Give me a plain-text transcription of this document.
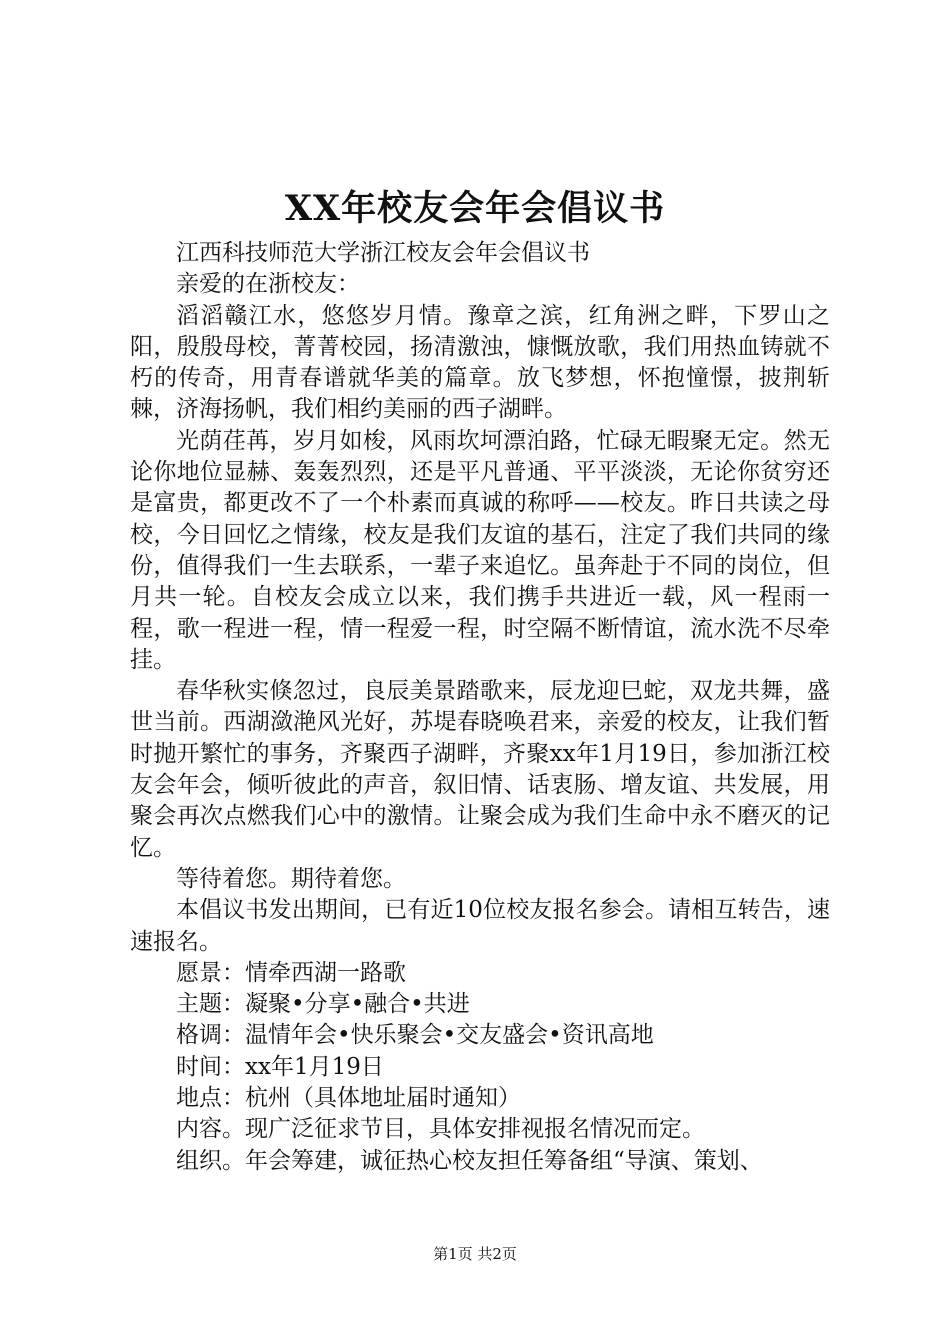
XX年校友会年会倡议书

江西科技师范大学浙江校友会年会倡议书

亲爱的在浙校友：

滔滔赣江水，悠悠岁月情。豫章之滨，红角洲之畔，下罗山之阳，殷殷母校，菁菁校园，扬清激浊，慷慨放歌，我们用热血铸就不朽的传奇，用青春谱就华美的篇章。放飞梦想，怀抱憧憬，披荆斩棘，济海扬帆，我们相约美丽的西子湖畔。

光荫荏苒，岁月如梭，风雨坎坷漂泊路，忙碌无暇聚无定。然无论你地位显赫、轰轰烈烈，还是平凡普通、平平淡淡，无论你贫穷还是富贵，都更改不了一个朴素而真诚的称呼——校友。昨日共读之母校，今日回忆之情缘，校友是我们友谊的基石，注定了我们共同的缘份，值得我们一生去联系，一辈子来追忆。虽奔赴于不同的岗位，但月共一轮。自校友会成立以来，我们携手共进近一载，风一程雨一程，歌一程进一程，情一程爱一程，时空隔不断情谊，流水洗不尽牵挂。

春华秋实倏忽过，良辰美景踏歌来，辰龙迎巳蛇，双龙共舞，盛世当前。西湖潋滟风光好，苏堤春晓唤君来，亲爱的校友，让我们暂时抛开繁忙的事务，齐聚西子湖畔，齐聚xx年1月19日，参加浙江校友会年会，倾听彼此的声音，叙旧情、话衷肠、增友谊、共发展，用聚会再次点燃我们心中的激情。让聚会成为我们生命中永不磨灭的记忆。

等待着您。期待着您。

本倡议书发出期间，已有近10位校友报名参会。请相互转告，速速报名。

愿景：情牵西湖一路歌

主题：凝聚•分享•融合•共进

格调：温情年会•快乐聚会•交友盛会•资讯高地

时间：xx年1月19日

地点：杭州（具体地址届时通知）

内容。现广泛征求节目，具体安排视报名情况而定。

组织。年会筹建，诚征热心校友担任筹备组“导演、策划、

第1页 共2页
